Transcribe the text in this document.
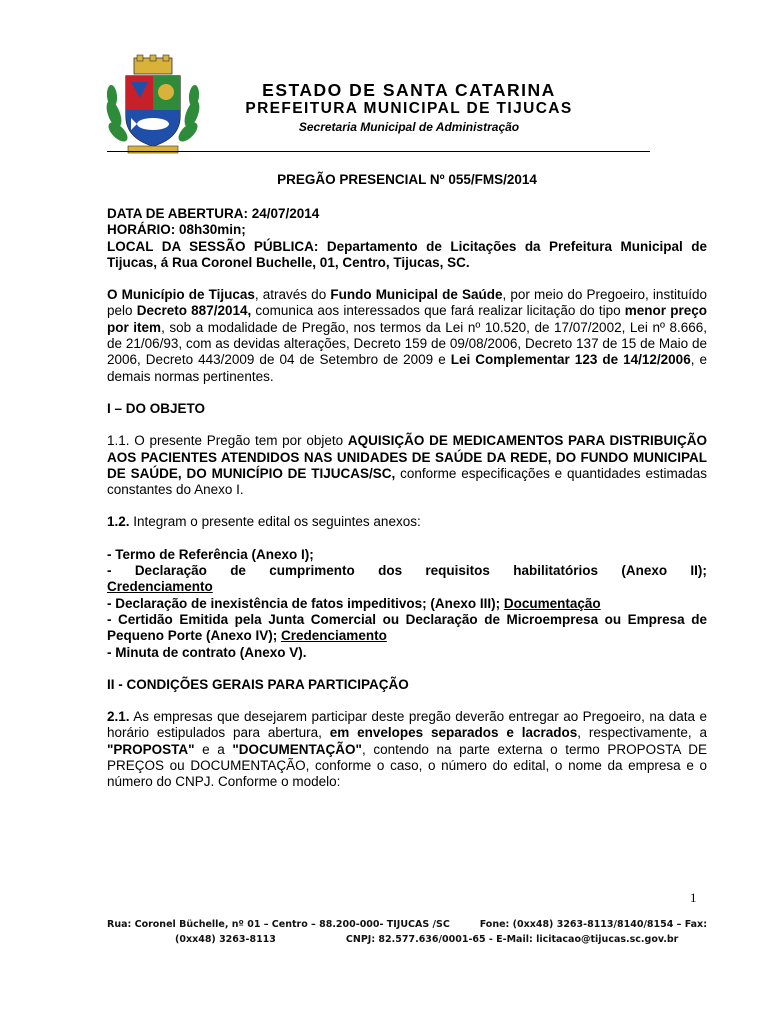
ESTADO DE SANTA CATARINA
PREFEITURA MUNICIPAL DE TIJUCAS
Secretaria Municipal de Administração
PREGÃO PRESENCIAL Nº 055/FMS/2014

DATA DE ABERTURA: 24/07/2014

HORÁRIO: 08h30min;

LOCAL DA SESSÃO PÚBLICA: Departamento de Licitações da Prefeitura Municipal de Tijucas, á Rua Coronel Buchelle, 01, Centro, Tijucas, SC.

O Município de Tijucas, através do Fundo Municipal de Saúde, por meio do Pregoeiro, instituído pelo Decreto 887/2014, comunica aos interessados que fará realizar licitação do tipo menor preço por item, sob a modalidade de Pregão, nos termos da Lei nº 10.520, de 17/07/2002, Lei nº 8.666, de 21/06/93, com as devidas alterações, Decreto 159 de 09/08/2006, Decreto 137 de 15 de Maio de 2006, Decreto 443/2009 de 04 de Setembro de 2009 e Lei Complementar 123 de 14/12/2006, e demais normas pertinentes.

I – DO OBJETO

1.1. O presente Pregão tem por objeto AQUISIÇÃO DE MEDICAMENTOS PARA DISTRIBUIÇÃO AOS PACIENTES ATENDIDOS NAS UNIDADES DE SAÚDE DA REDE, DO FUNDO MUNICIPAL DE SAÚDE, DO MUNICÍPIO DE TIJUCAS/SC, conforme especificações e quantidades estimadas constantes do Anexo I.

1.2. Integram o presente edital os seguintes anexos:

- Termo de Referência (Anexo I);

- Declaração de cumprimento dos requisitos habilitatórios (Anexo II);

Credenciamento

- Declaração de inexistência de fatos impeditivos; (Anexo III); Documentação

- Certidão Emitida pela Junta Comercial ou Declaração de Microempresa ou Empresa de Pequeno Porte (Anexo IV); Credenciamento

- Minuta de contrato (Anexo V).

II - CONDIÇÕES GERAIS PARA PARTICIPAÇÃO

2.1. As empresas que desejarem participar deste pregão deverão entregar ao Pregoeiro, na data e horário estipulados para abertura, em envelopes separados e lacrados, respectivamente, a "PROPOSTA" e a "DOCUMENTAÇÃO", contendo na parte externa o termo PROPOSTA DE PREÇOS ou DOCUMENTAÇÃO, conforme o caso, o número do edital, o nome da empresa e o número do CNPJ. Conforme o modelo:

1
Rua: Coronel Büchelle, nº 01 – Centro – 88.200-000- TIJUCAS /SC	Fone: (0xx48) 3263-8113/8140/8154 – Fax:
(0xx48) 3263-8113	CNPJ: 82.577.636/0001-65 - E-Mail: licitacao@tijucas.sc.gov.br
